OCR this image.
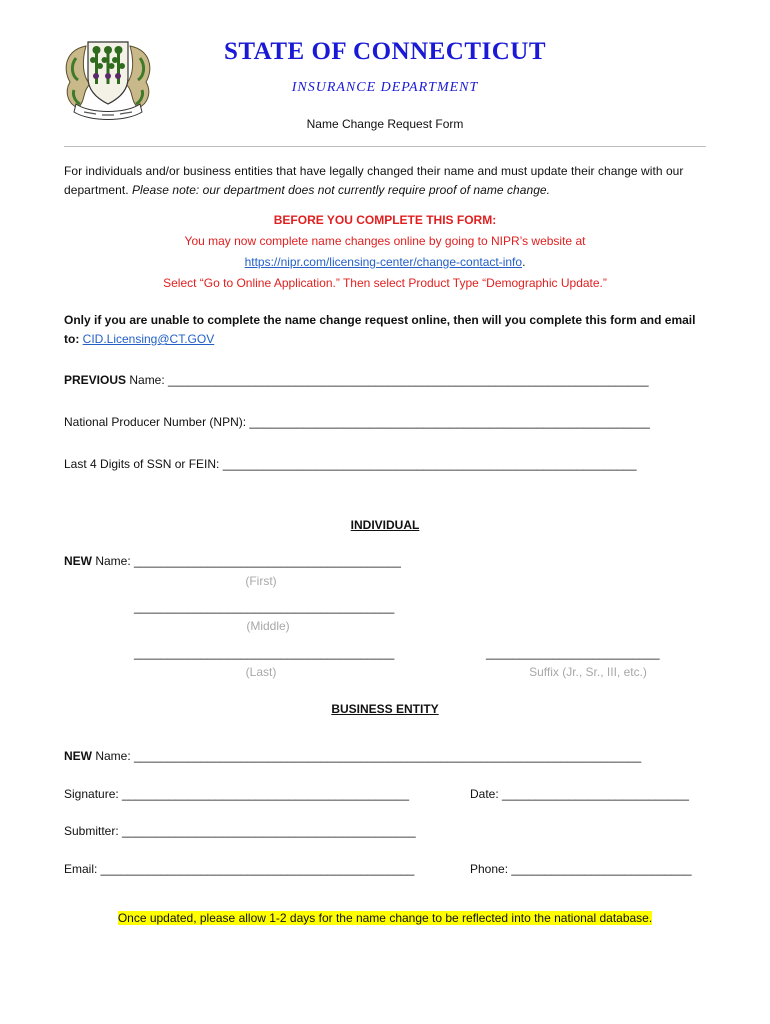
STATE OF CONNECTICUT
INSURANCE DEPARTMENT
Name Change Request Form
For individuals and/or business entities that have legally changed their name and must update their change with our department. Please note: our department does not currently require proof of name change.
BEFORE YOU COMPLETE THIS FORM:
You may now complete name changes online by going to NIPR’s website at
https://nipr.com/licensing-center/change-contact-info.
Select “Go to Online Application.” Then select Product Type “Demographic Update.”
Only if you are unable to complete the name change request online, then will you complete this form and email to: CID.Licensing@CT.GOV
PREVIOUS Name: ________________________________________________________________________
National Producer Number (NPN): ____________________________________________________________
Last 4 Digits of SSN or FEIN: ______________________________________________________________
INDIVIDUAL
NEW Name: ________________________________________
(First)
_______________________________________
(Middle)
_______________________________________
(Last)
__________________________
Suffix (Jr., Sr., III, etc.)
BUSINESS ENTITY
NEW Name: ____________________________________________________________________________
Signature: ___________________________________________	Date: ____________________________
Submitter: ____________________________________________
Email: _______________________________________________	Phone: ___________________________
Once updated, please allow 1-2 days for the name change to be reflected into the national database.
